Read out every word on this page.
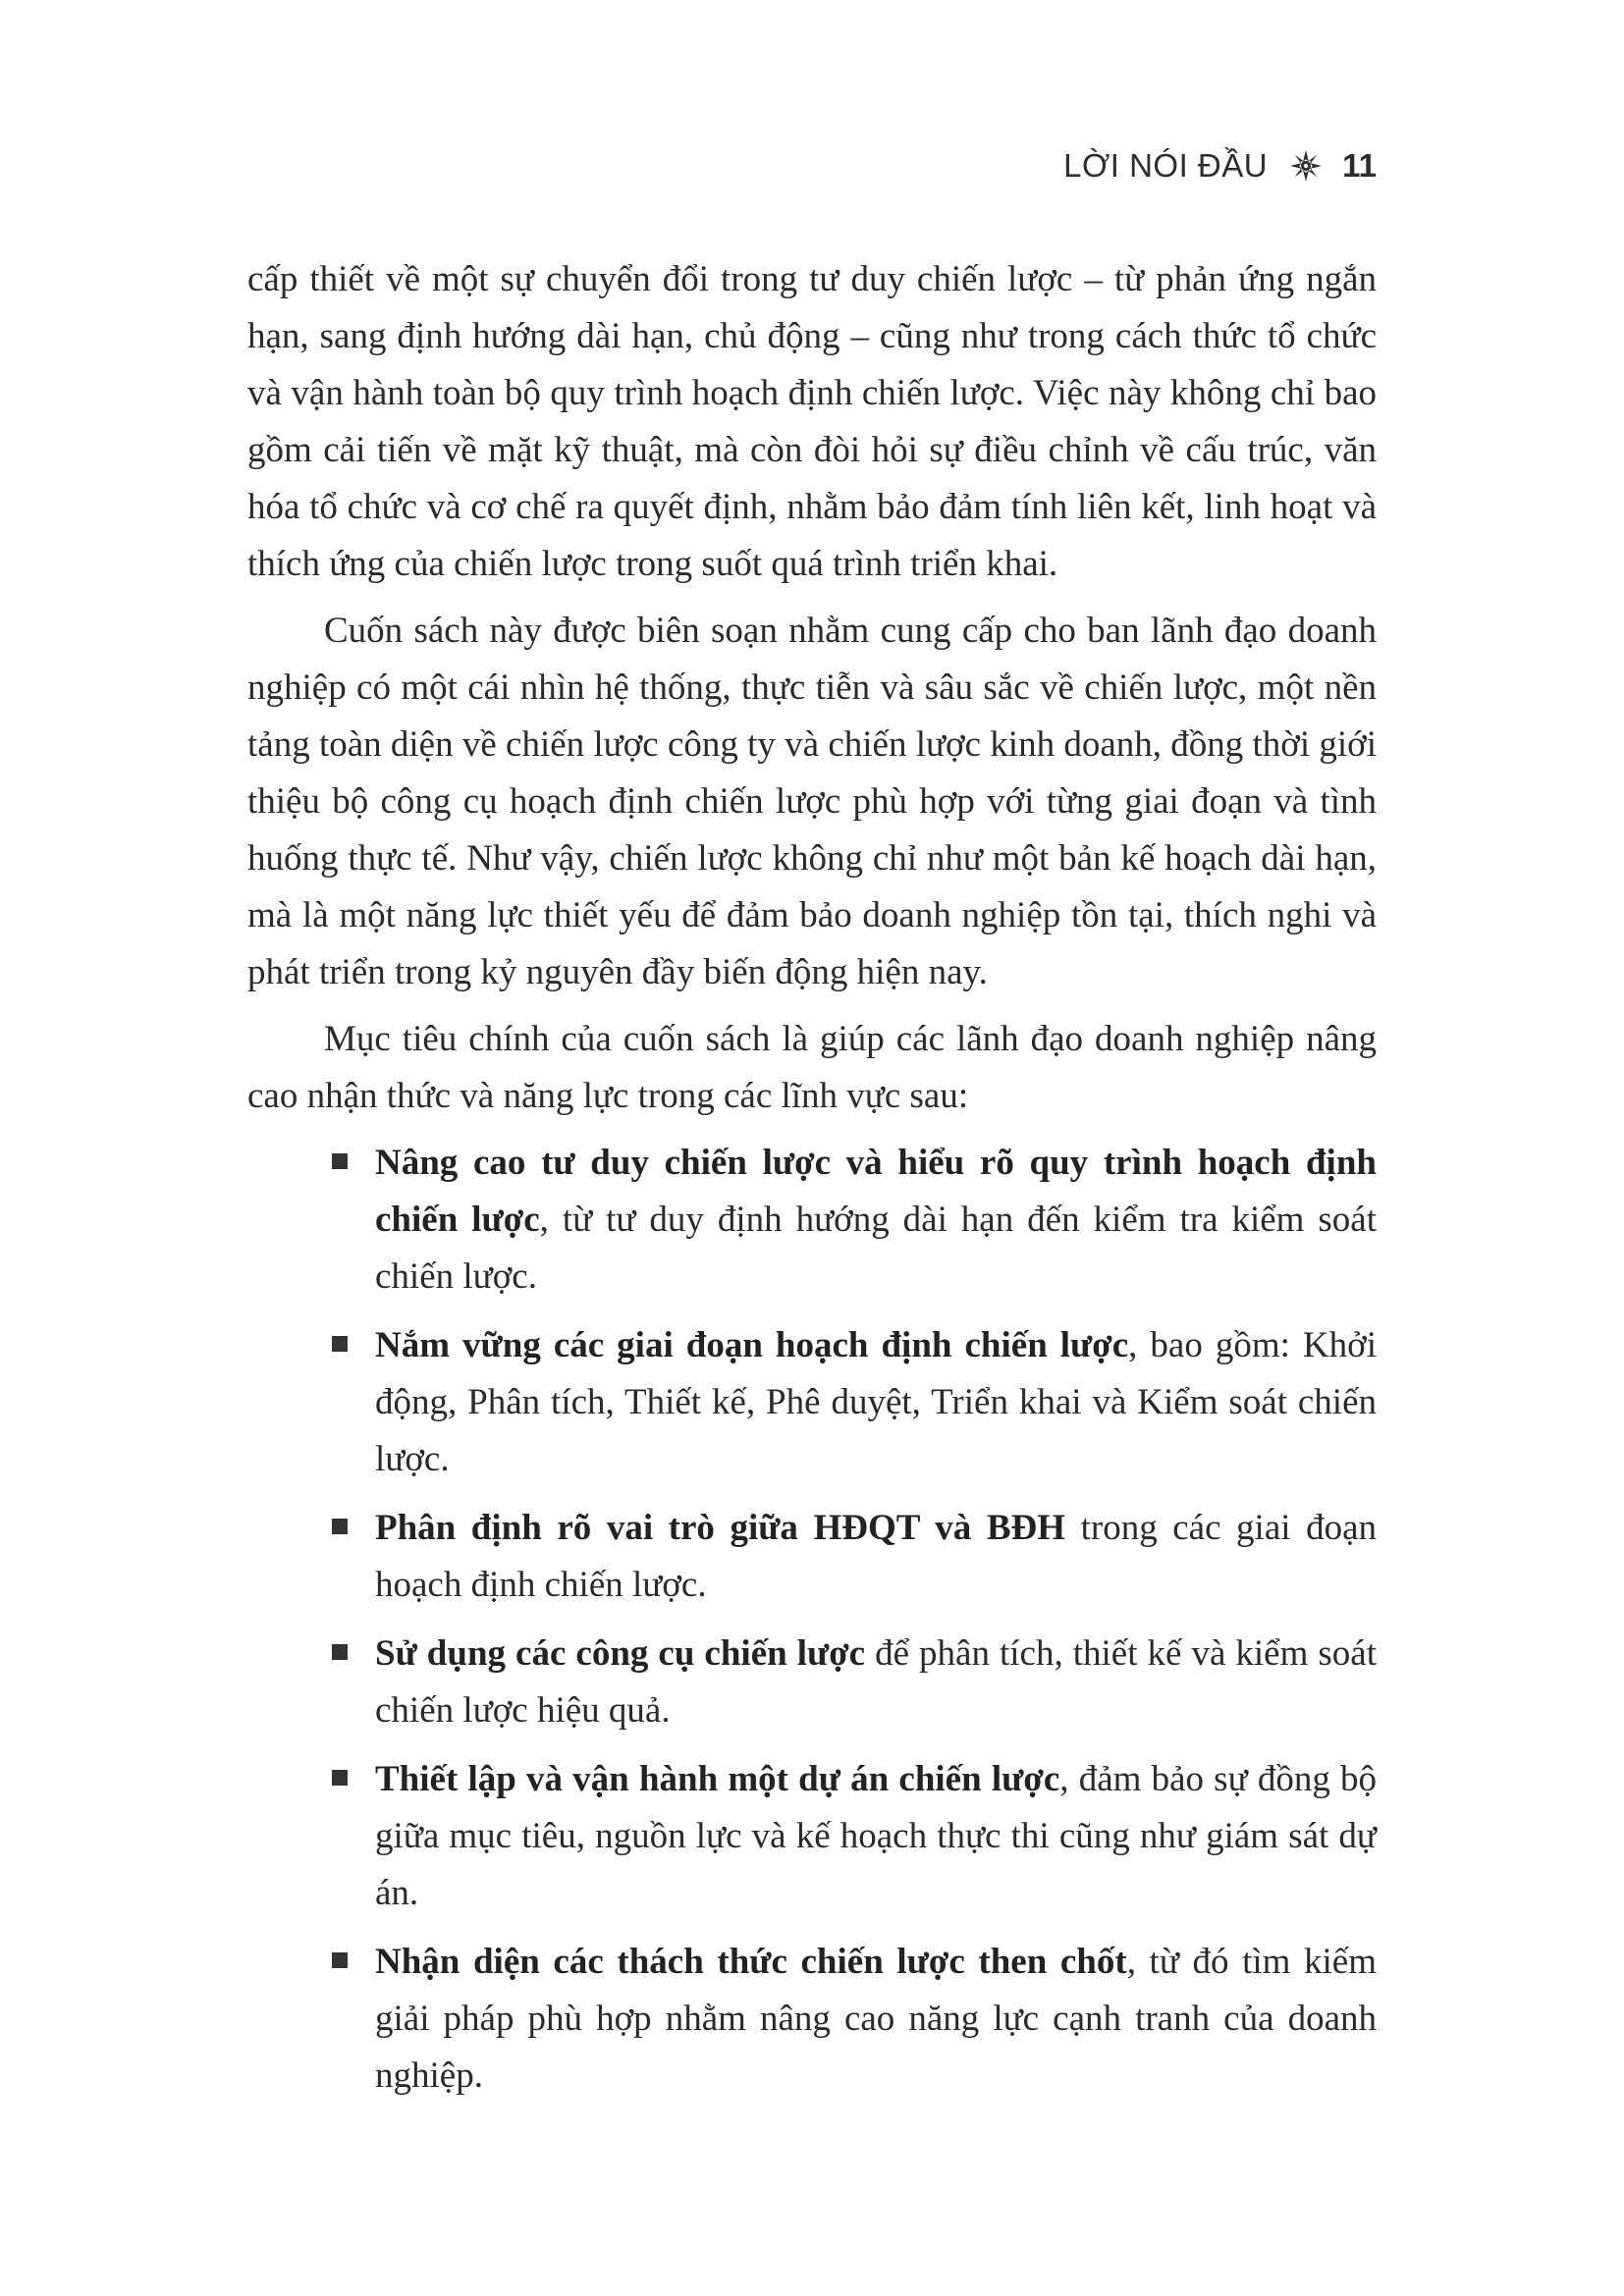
LỜI NÓI ĐẦU 11

cấp thiết về một sự chuyển đổi trong tư duy chiến lược – từ phản ứng ngắn hạn, sang định hướng dài hạn, chủ động – cũng như trong cách thức tổ chức và vận hành toàn bộ quy trình hoạch định chiến lược. Việc này không chỉ bao gồm cải tiến về mặt kỹ thuật, mà còn đòi hỏi sự điều chỉnh về cấu trúc, văn hóa tổ chức và cơ chế ra quyết định, nhằm bảo đảm tính liên kết, linh hoạt và thích ứng của chiến lược trong suốt quá trình triển khai.

Cuốn sách này được biên soạn nhằm cung cấp cho ban lãnh đạo doanh nghiệp có một cái nhìn hệ thống, thực tiễn và sâu sắc về chiến lược, một nền tảng toàn diện về chiến lược công ty và chiến lược kinh doanh, đồng thời giới thiệu bộ công cụ hoạch định chiến lược phù hợp với từng giai đoạn và tình huống thực tế. Như vậy, chiến lược không chỉ như một bản kế hoạch dài hạn, mà là một năng lực thiết yếu để đảm bảo doanh nghiệp tồn tại, thích nghi và phát triển trong kỷ nguyên đầy biến động hiện nay.

Mục tiêu chính của cuốn sách là giúp các lãnh đạo doanh nghiệp nâng cao nhận thức và năng lực trong các lĩnh vực sau:

Nâng cao tư duy chiến lược và hiểu rõ quy trình hoạch định chiến lược, từ tư duy định hướng dài hạn đến kiểm tra kiểm soát chiến lược.
Nắm vững các giai đoạn hoạch định chiến lược, bao gồm: Khởi động, Phân tích, Thiết kế, Phê duyệt, Triển khai và Kiểm soát chiến lược.
Phân định rõ vai trò giữa HĐQT và BĐH trong các giai đoạn hoạch định chiến lược.
Sử dụng các công cụ chiến lược để phân tích, thiết kế và kiểm soát chiến lược hiệu quả.
Thiết lập và vận hành một dự án chiến lược, đảm bảo sự đồng bộ giữa mục tiêu, nguồn lực và kế hoạch thực thi cũng như giám sát dự án.
Nhận diện các thách thức chiến lược then chốt, từ đó tìm kiếm giải pháp phù hợp nhằm nâng cao năng lực cạnh tranh của doanh nghiệp.
